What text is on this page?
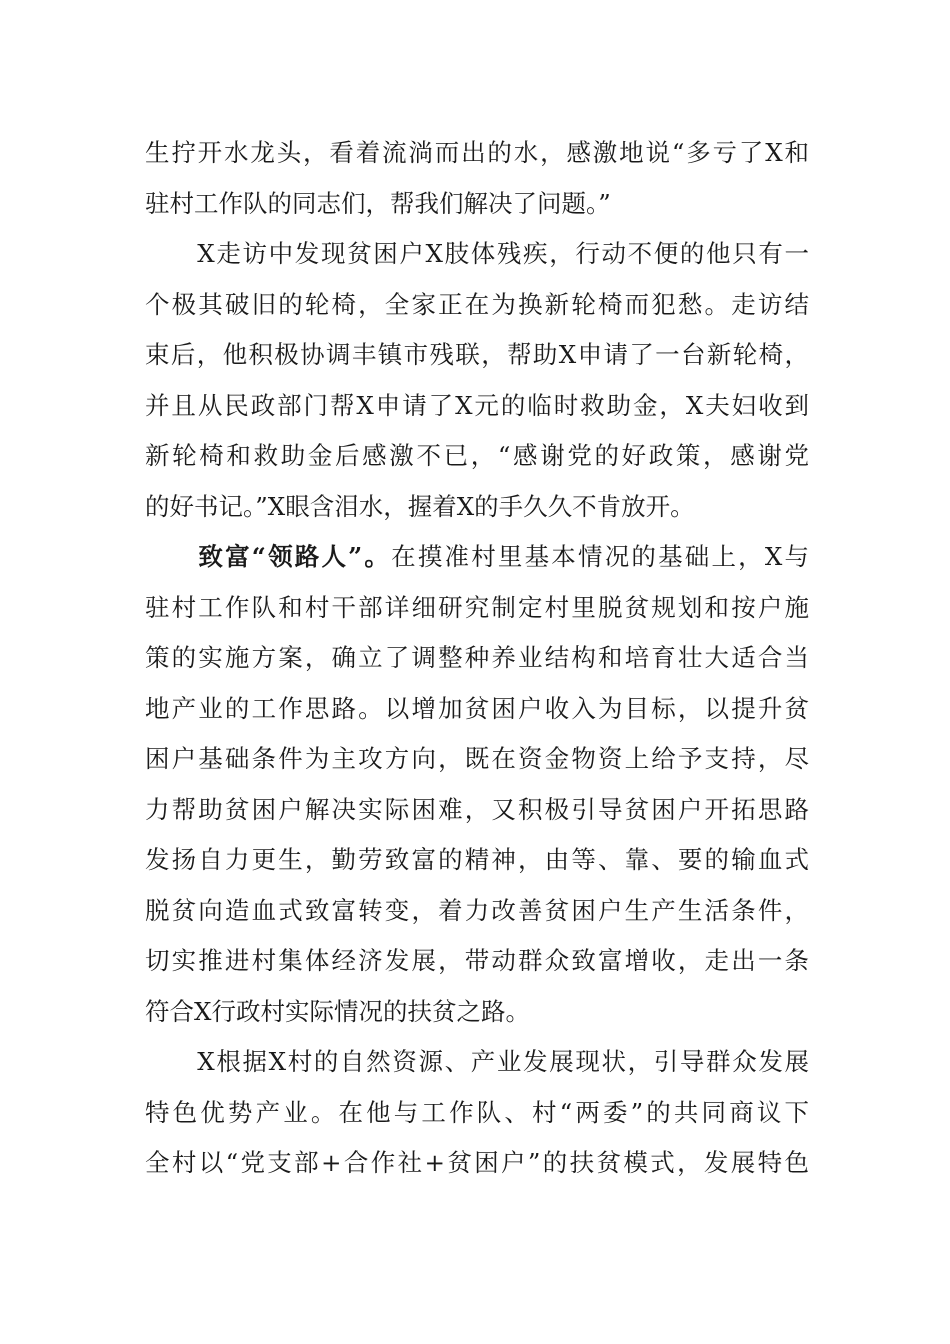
生拧开水龙头，看着流淌而出的水，感激地说“多亏了X和
驻村工作队的同志们，帮我们解决了问题。”
　　X走访中发现贫困户X肢体残疾，行动不便的他只有一
个极其破旧的轮椅，全家正在为换新轮椅而犯愁。走访结
束后，他积极协调丰镇市残联，帮助X申请了一台新轮椅，
并且从民政部门帮X申请了X元的临时救助金，X夫妇收到
新轮椅和救助金后感激不已，“感谢党的好政策，感谢党
的好书记。”X眼含泪水，握着X的手久久不肯放开。
　　致富“领路人”。在摸准村里基本情况的基础上，X与
驻村工作队和村干部详细研究制定村里脱贫规划和按户施
策的实施方案，确立了调整种养业结构和培育壮大适合当
地产业的工作思路。以增加贫困户收入为目标，以提升贫
困户基础条件为主攻方向，既在资金物资上给予支持，尽
力帮助贫困户解决实际困难，又积极引导贫困户开拓思路
发扬自力更生，勤劳致富的精神，由等、靠、要的输血式
脱贫向造血式致富转变，着力改善贫困户生产生活条件，
切实推进村集体经济发展，带动群众致富增收，走出一条
符合X行政村实际情况的扶贫之路。
　　X根据X村的自然资源、产业发展现状，引导群众发展
特色优势产业。在他与工作队、村“两委”的共同商议下
全村以“党支部+合作社+贫困户”的扶贫模式，发展特色
